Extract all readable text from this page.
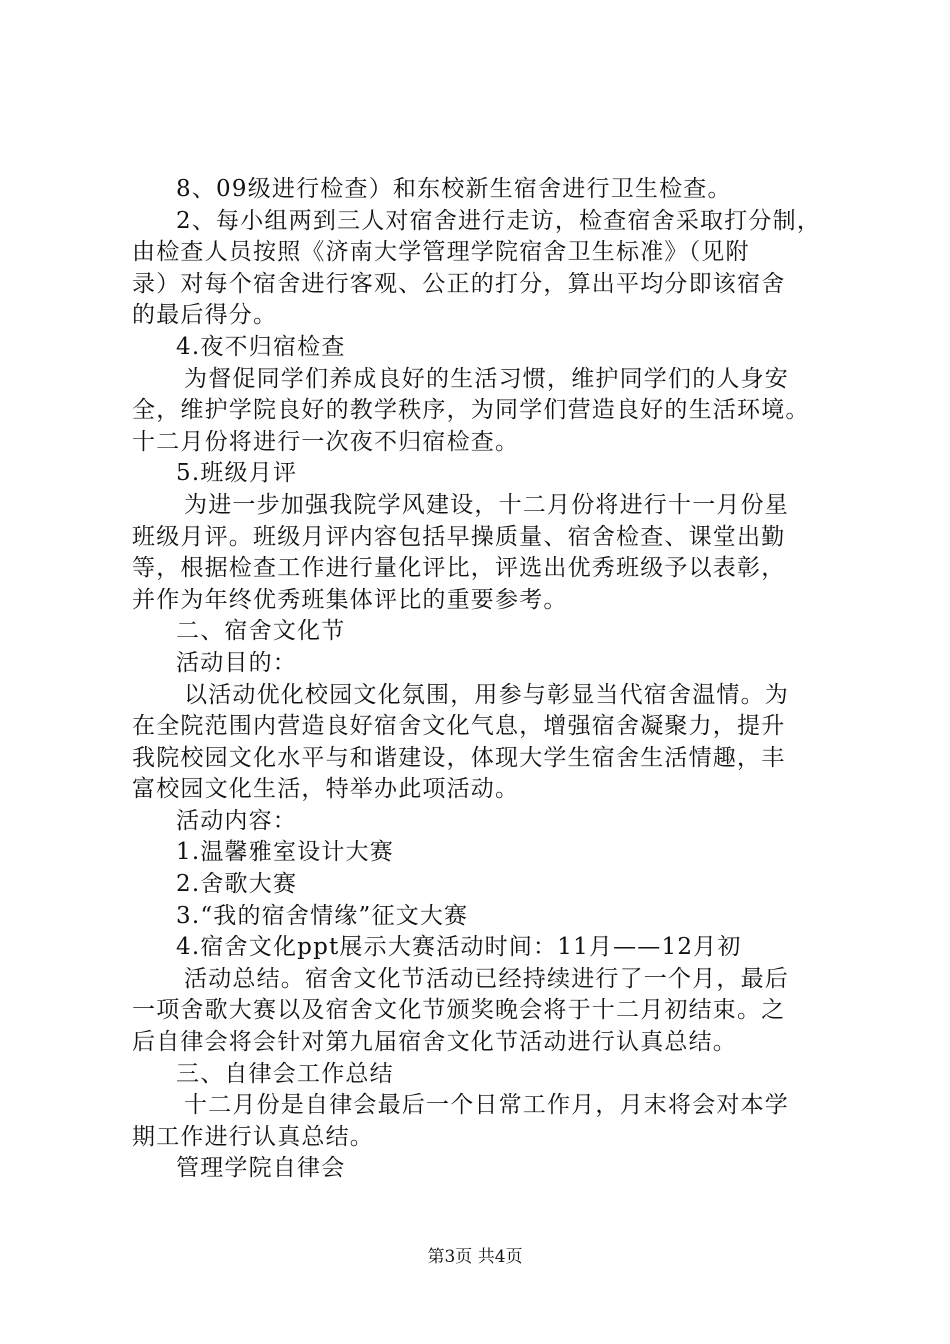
8、09级进行检查）和东校新生宿舍进行卫生检查。
2、每小组两到三人对宿舍进行走访，检查宿舍采取打分制，
由检查人员按照《济南大学管理学院宿舍卫生标准》（见附
录）对每个宿舍进行客观、公正的打分，算出平均分即该宿舍
的最后得分。
4.夜不归宿检查
为督促同学们养成良好的生活习惯，维护同学们的人身安
全，维护学院良好的教学秩序，为同学们营造良好的生活环境。
十二月份将进行一次夜不归宿检查。
5.班级月评
为进一步加强我院学风建设，十二月份将进行十一月份星
班级月评。班级月评内容包括早操质量、宿舍检查、课堂出勤
等，根据检查工作进行量化评比，评选出优秀班级予以表彰，
并作为年终优秀班集体评比的重要参考。
二、宿舍文化节
活动目的：
以活动优化校园文化氛围，用参与彰显当代宿舍温情。为
在全院范围内营造良好宿舍文化气息，增强宿舍凝聚力，提升
我院校园文化水平与和谐建设，体现大学生宿舍生活情趣，丰
富校园文化生活，特举办此项活动。
活动内容：
1.温馨雅室设计大赛
2.舍歌大赛
3.“我的宿舍情缘”征文大赛
4.宿舍文化ppt展示大赛活动时间：11月——12月初
活动总结。宿舍文化节活动已经持续进行了一个月，最后
一项舍歌大赛以及宿舍文化节颁奖晚会将于十二月初结束。之
后自律会将会针对第九届宿舍文化节活动进行认真总结。
三、自律会工作总结
十二月份是自律会最后一个日常工作月，月末将会对本学
期工作进行认真总结。
管理学院自律会
第3页 共4页
